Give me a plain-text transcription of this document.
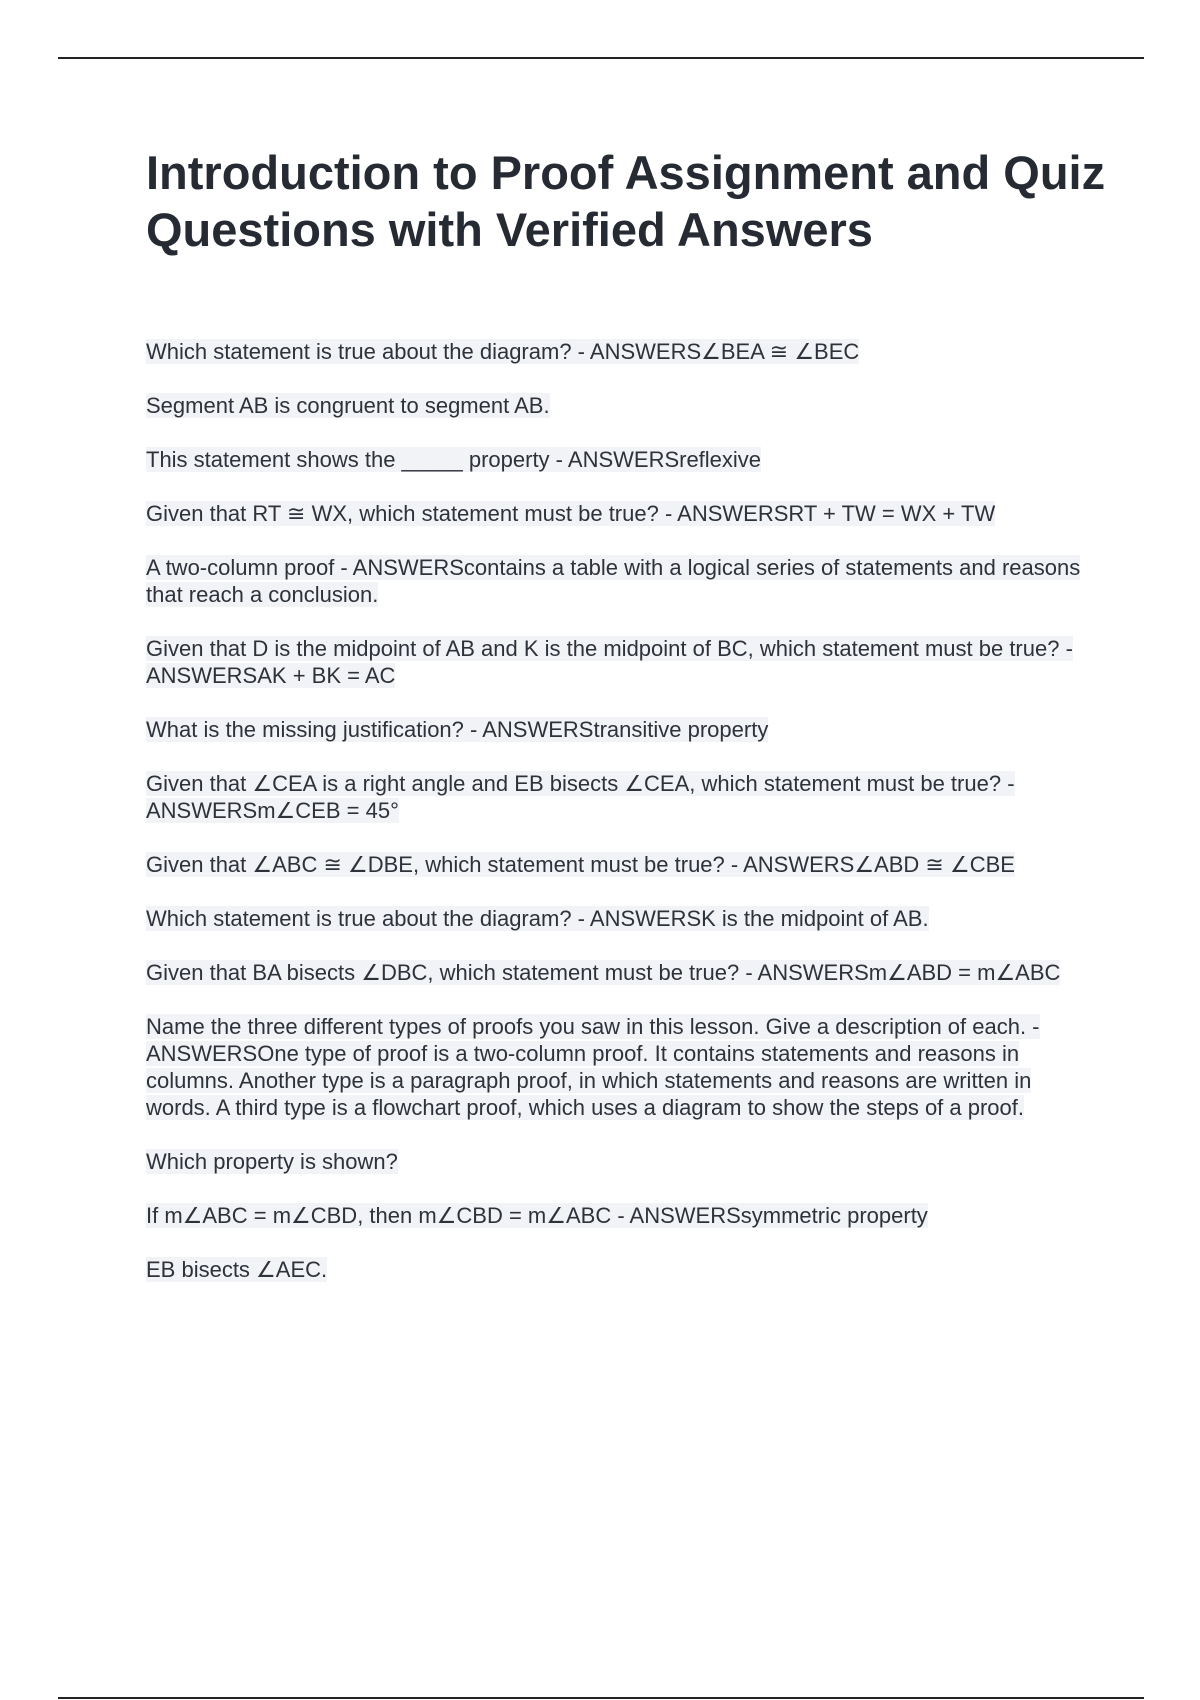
Introduction to Proof Assignment and Quiz Questions with Verified Answers

Which statement is true about the diagram? - ANSWERS∠BEA ≅ ∠BEC

Segment AB is congruent to segment AB.

This statement shows the _____ property - ANSWERSreflexive

Given that RT ≅ WX, which statement must be true? - ANSWERSRT + TW = WX + TW

A two-column proof - ANSWERScontains a table with a logical series of statements and reasons that reach a conclusion.

Given that D is the midpoint of AB and K is the midpoint of BC, which statement must be true? - ANSWERSAK + BK = AC

What is the missing justification? - ANSWERStransitive property

Given that ∠CEA is a right angle and EB bisects ∠CEA, which statement must be true? - ANSWERSm∠CEB = 45°

Given that ∠ABC ≅ ∠DBE, which statement must be true? - ANSWERS∠ABD ≅ ∠CBE

Which statement is true about the diagram? - ANSWERSK is the midpoint of AB.

Given that BA bisects ∠DBC, which statement must be true? - ANSWERSm∠ABD = m∠ABC

Name the three different types of proofs you saw in this lesson. Give a description of each. - ANSWERSOne type of proof is a two-column proof. It contains statements and reasons in columns. Another type is a paragraph proof, in which statements and reasons are written in words. A third type is a flowchart proof, which uses a diagram to show the steps of a proof.

Which property is shown?

If m∠ABC = m∠CBD, then m∠CBD = m∠ABC - ANSWERSsymmetric property

EB bisects ∠AEC.
